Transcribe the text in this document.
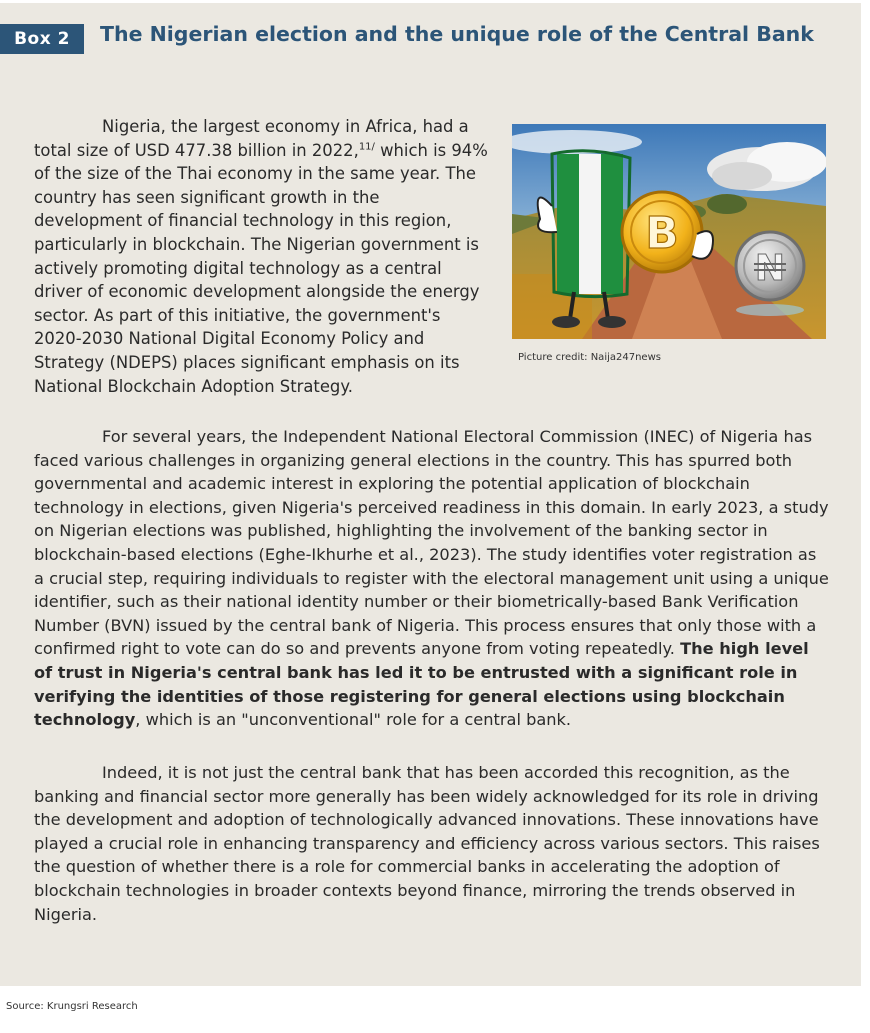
Box 2	The Nigerian election and the unique role of the Central Bank

Nigeria, the largest economy in Africa, had a total size of USD 477.38 billion in 2022,$^{11/}$ which is 94% of the size of the Thai economy in the same year. The country has seen significant growth in the development of financial technology in this region, particularly in blockchain. The Nigerian government is actively promoting digital technology as a central driver of economic development alongside the energy sector. As part of this initiative, the government's 2020-2030 National Digital Economy Policy and Strategy (NDEPS) places significant emphasis on its National Blockchain Adoption Strategy.

B
N
Picture credit: Naija247news

For several years, the Independent National Electoral Commission (INEC) of Nigeria has faced various challenges in organizing general elections in the country. This has spurred both governmental and academic interest in exploring the potential application of blockchain technology in elections, given Nigeria's perceived readiness in this domain. In early 2023, a study on Nigerian elections was published, highlighting the involvement of the banking sector in blockchain-based elections (Eghe-Ikhurhe et al., 2023). The study identifies voter registration as a crucial step, requiring individuals to register with the electoral management unit using a unique identifier, such as their national identity number or their biometrically-based Bank Verification Number (BVN) issued by the central bank of Nigeria. This process ensures that only those with a confirmed right to vote can do so and prevents anyone from voting repeatedly. The high level of trust in Nigeria's central bank has led it to be entrusted with a significant role in verifying the identities of those registering for general elections using blockchain technology, which is an "unconventional" role for a central bank.

Indeed, it is not just the central bank that has been accorded this recognition, as the banking and financial sector more generally has been widely acknowledged for its role in driving the development and adoption of technologically advanced innovations. These innovations have played a crucial role in enhancing transparency and efficiency across various sectors. This raises the question of whether there is a role for commercial banks in accelerating the adoption of blockchain technologies in broader contexts beyond finance, mirroring the trends observed in Nigeria.

Source: Krungsri Research
